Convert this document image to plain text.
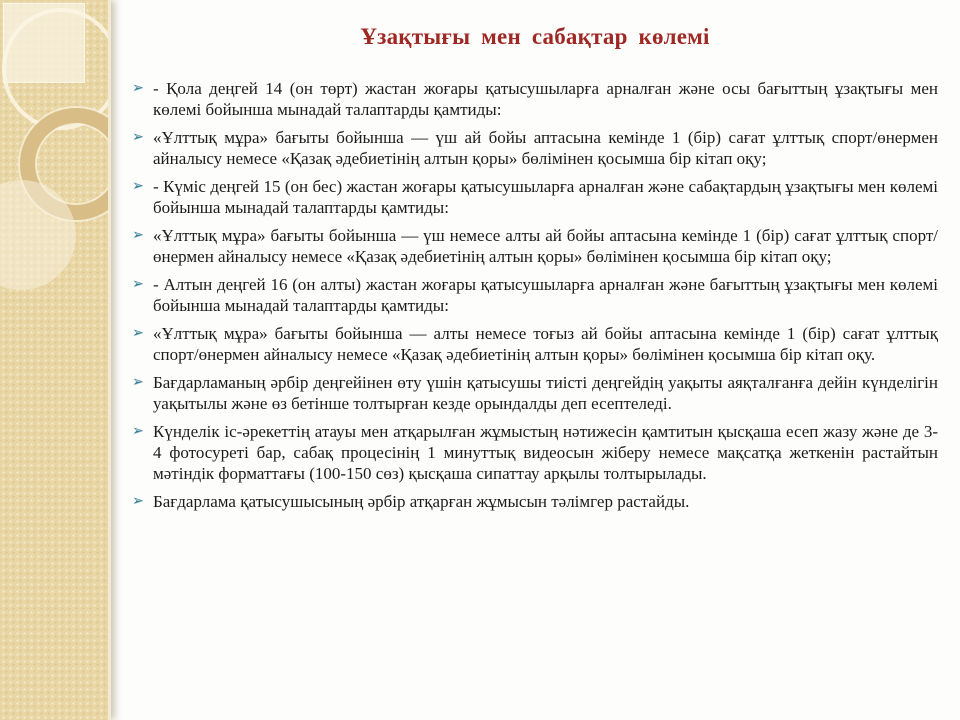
Ұзақтығы мен сабақтар көлемі
➢ - Қола деңгей 14 (он төрт) жастан жоғары қатысушыларға арналған және осы бағыттың ұзақтығы мен көлемі бойынша мынадай талаптарды қамтиды:
➢ «Ұлттық мұра» бағыты бойынша — үш ай бойы аптасына кемінде 1 (бір) сағат ұлттық спорт/өнермен айналысу немесе «Қазақ әдебиетінің алтын қоры» бөлімінен қосымша бір кітап оқу;
➢ - Күміс деңгей 15 (он бес) жастан жоғары қатысушыларға арналған және сабақтардың ұзақтығы мен көлемі бойынша мынадай талаптарды қамтиды:
➢ «Ұлттық мұра» бағыты бойынша — үш немесе алты ай бойы аптасына кемінде 1 (бір) сағат ұлттық спорт/өнермен айналысу немесе «Қазақ әдебиетінің алтын қоры» бөлімінен қосымша бір кітап оқу;
➢ - Алтын деңгей 16 (он алты) жастан жоғары қатысушыларға арналған және бағыттың ұзақтығы мен көлемі бойынша мынадай талаптарды қамтиды:
➢ «Ұлттық мұра» бағыты бойынша — алты немесе тоғыз ай бойы аптасына кемінде 1 (бір) сағат ұлттық спорт/өнермен айналысу немесе «Қазақ әдебиетінің алтын қоры» бөлімінен қосымша бір кітап оқу.
➢ Бағдарламаның әрбір деңгейінен өту үшін қатысушы тиісті деңгейдің уақыты аяқталғанға дейін күнделігін уақытылы және өз бетінше толтырған кезде орындалды деп есептеледі.
➢ Күнделік іс-әрекеттің атауы мен атқарылған жұмыстың нәтижесін қамтитын қысқаша есеп жазу және де 3-4 фотосуреті бар, сабақ процесінің 1 минуттық видеосын жіберу немесе мақсатқа жеткенін растайтын мәтіндік форматтағы (100-150 сөз) қысқаша сипаттау арқылы толтырылады.
➢ Бағдарлама қатысушысының әрбір атқарған жұмысын тәлімгер растайды.
